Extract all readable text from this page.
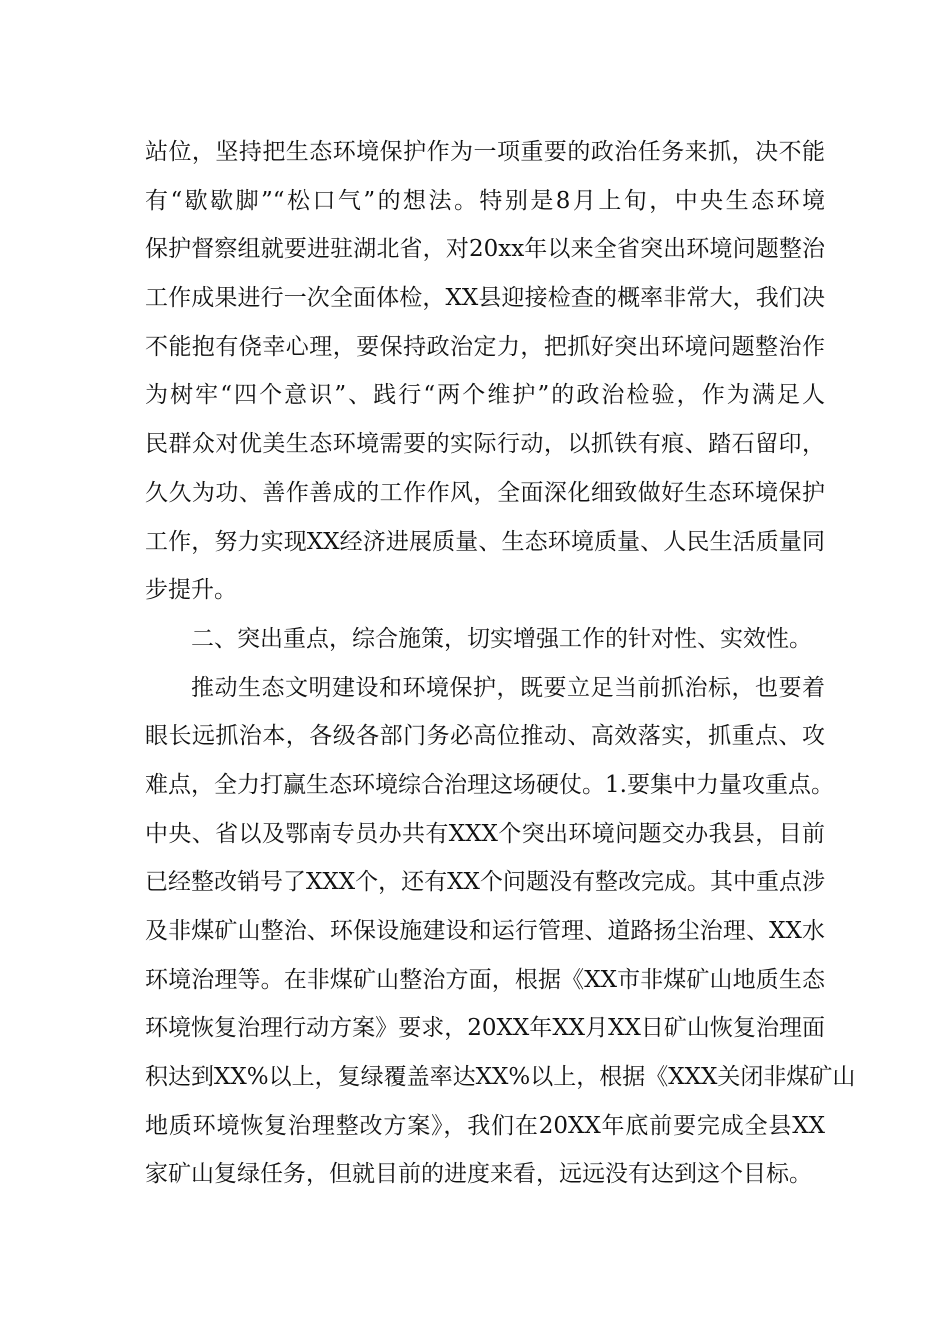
站位，坚持把生态环境保护作为一项重要的政治任务来抓，决不能
有“歇歇脚”“松口气”的想法。特别是8月上旬，中央生态环境
保护督察组就要进驻湖北省，对20xx年以来全省突出环境问题整治
工作成果进行一次全面体检，XX县迎接检查的概率非常大，我们决
不能抱有侥幸心理，要保持政治定力，把抓好突出环境问题整治作
为树牢“四个意识”、践行“两个维护”的政治检验，作为满足人
民群众对优美生态环境需要的实际行动，以抓铁有痕、踏石留印，
久久为功、善作善成的工作作风，全面深化细致做好生态环境保护
工作，努力实现XX经济进展质量、生态环境质量、人民生活质量同
步提升。
二、突出重点，综合施策，切实增强工作的针对性、实效性。
推动生态文明建设和环境保护，既要立足当前抓治标，也要着
眼长远抓治本，各级各部门务必高位推动、高效落实，抓重点、攻
难点，全力打赢生态环境综合治理这场硬仗。1.要集中力量攻重点。
中央、省以及鄂南专员办共有XXX个突出环境问题交办我县，目前
已经整改销号了XXX个，还有XX个问题没有整改完成。其中重点涉
及非煤矿山整治、环保设施建设和运行管理、道路扬尘治理、XX水
环境治理等。在非煤矿山整治方面，根据《XX市非煤矿山地质生态
环境恢复治理行动方案》要求，20XX年XX月XX日矿山恢复治理面
积达到XX%以上，复绿覆盖率达XX%以上，根据《XXX关闭非煤矿山
地质环境恢复治理整改方案》，我们在20XX年底前要完成全县XX
家矿山复绿任务，但就目前的进度来看，远远没有达到这个目标。
